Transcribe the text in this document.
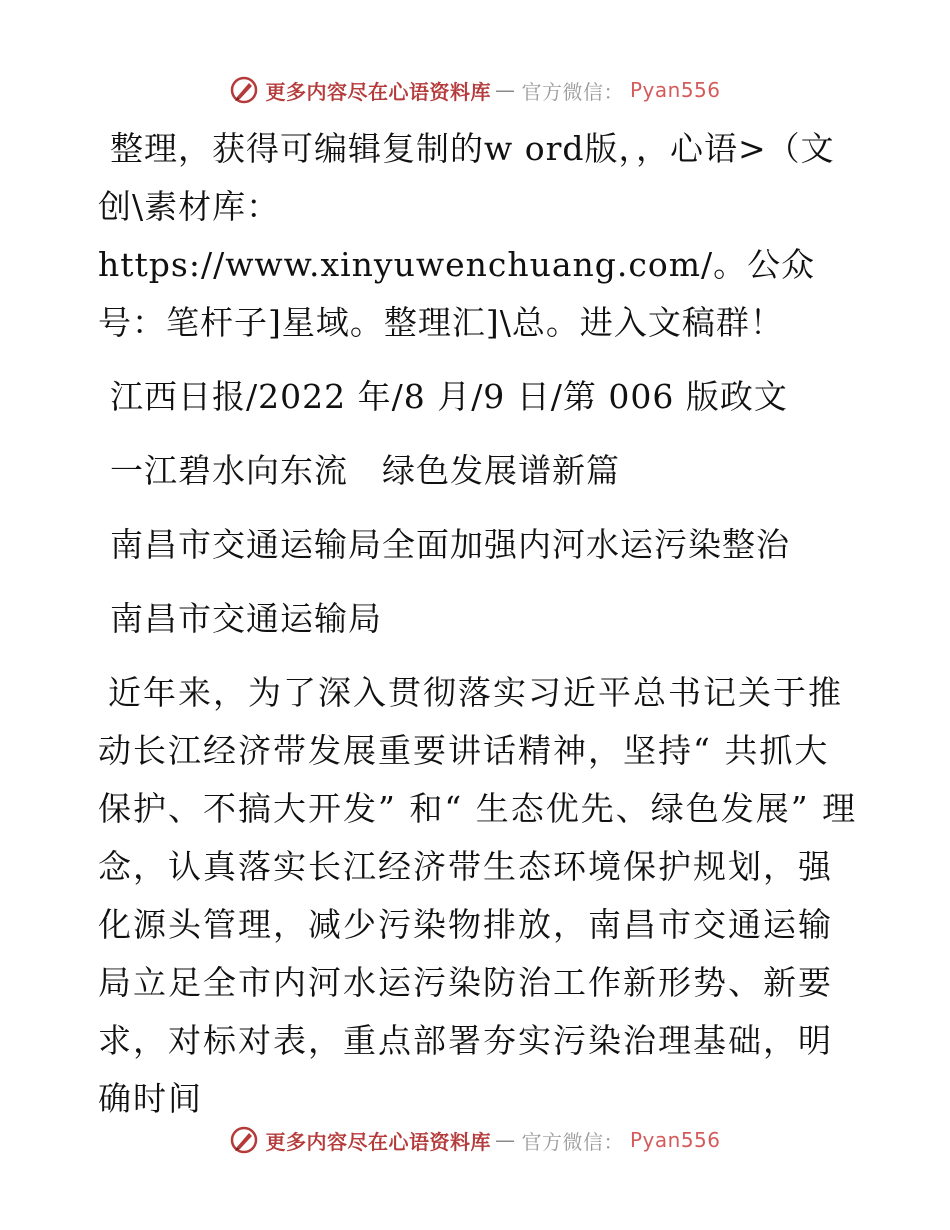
更多内容尽在心语资料库 — 官方微信： Pyan556

整理，获得可编辑复制的w ord版，，心语>（文创\素材库：https://www.xinyuwenchuang.com/。公众号：笔杆子]星域。整理汇]\总。进入文稿群！

江西日报/2022 年/8 月/9 日/第 006 版政文

一江碧水向东流　绿色发展谱新篇

南昌市交通运输局全面加强内河水运污染整治

南昌市交通运输局

近年来，为了深入贯彻落实习近平总书记关于推动长江经济带发展重要讲话精神，坚持“ 共抓大保护、不搞大开发” 和“ 生态优先、绿色发展” 理念，认真落实长江经济带生态环境保护规划，强化源头管理，减少污染物排放，南昌市交通运输局立足全市内河水运污染防治工作新形势、新要求，对标对表，重点部署夯实污染治理基础，明确时间

更多内容尽在心语资料库 — 官方微信： Pyan556
